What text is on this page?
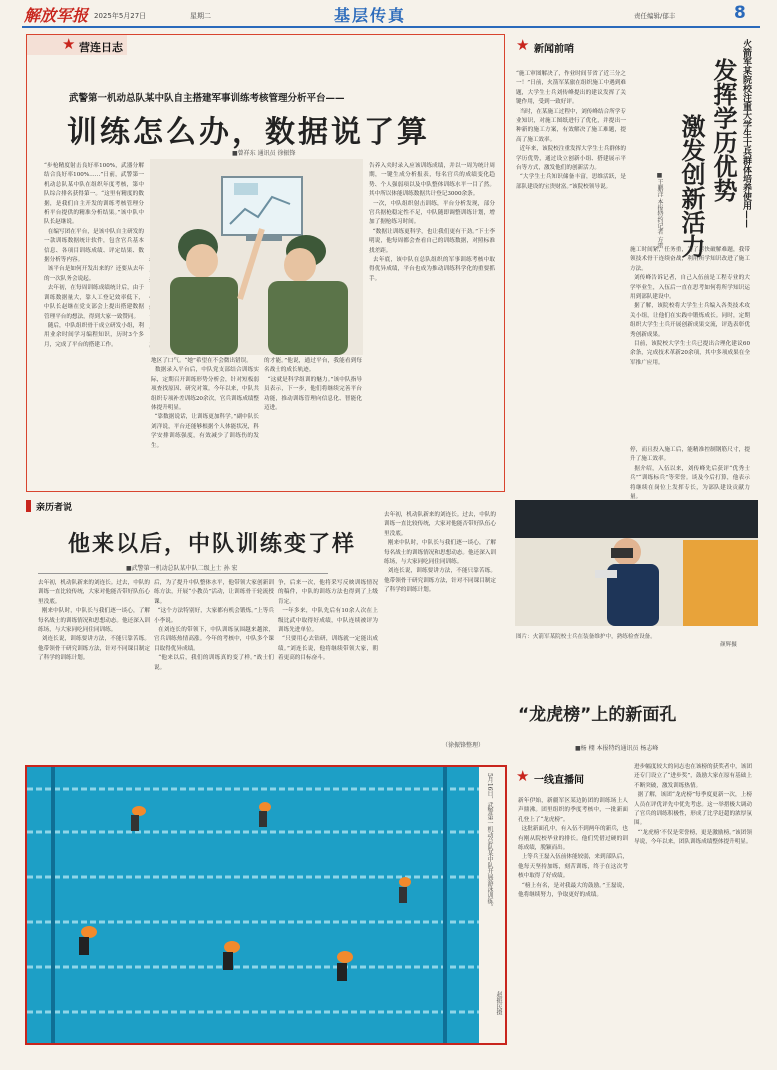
解放军报 2025年5月27日	星期二	基层传真	责任编辑/郁丰	8
★ 营连日志
武警第一机动总队某中队自主搭建军事训练考核管理分析平台——
训练怎么办，数据说了算
■曾祥东 通讯员 徐振锋
“步枪精度射击良好率100%，武器分解结合良好率100%……”日前，武警第一机动总队某中队在组织年度考核，第中队综合排名获得第一。“这里有精度的数据，是我们自主开发的训练考核管理分析平台提供的精准分析结果。”该中队中队长赵继说。
在编写团在平台，是该中队自主研发的一款训练数据统计软件，包含官兵基本信息、各项目训练成绩、评定结果、数据分析等内容。
该平台是如何开发出来的？还要从去年的一次队务会说起。
去年初，在每周训练成绩统计后，由于训练数据量大，靠人工登记效率低下，中队长赵继在党支部会上提出搭建数据管理平台的想法，得到大家一致赞同。
随后，中队组织骨干成立研发小组，利用业余时间学习编程知识，历时3个多月，完成了平台的搭建工作。
地区了口气。“她”希望在不会微出错误。
数据录入平台后，中队党支部结合训练实际，定期召开训练形势分析会，针对短板弱项查找原因、研究对策。今年以来，中队共组织专项补差训练20余次，官兵训练成绩整体提升明显。
“靠数据说话，让训练更加科学。”副中队长刘洋说，平台还能够根据个人体能状况，科学安排训练强度，有效减少了训练伤的发生。
的才能。”他说，通过平台，我能看到每名战士的成长轨迹。
“这就是科学组训的魅力。”该中队指导员表示，下一步，他们将继续完善平台功能，推动训练管理向信息化、智能化迈进。
告养入夹时录入应该训练成绩，并以一周为统计周期，一键生成分析报表，每名官兵的成绩变化趋势、个人强弱项以及中队整体训练水平一目了然。其中所以体能训练数据共计登记3000余条。
一次，中队组织射击训练，平台分析发现，部分官兵据枪稳定性不足，中队随即调整训练计划，增加了据枪练习时间。
“数据让训练更科学，也让我们更有干劲。”下士李明说，他每周都会查看自己的训练数据，对照标准找差距。
去年底，该中队在总队组织的军事训练考核中取得优异成绩，平台也成为推动训练科学化的重要抓手。
亲历者说
他来以后，中队训练变了样
■武警第一机动总队某中队二级上士 孙 宏
去年初，机动队新来的刘连长。过去，中队的训练一直比较传统，大家对他能否带好队伍心里没底。
刚来中队时，中队长与我们逐一谈心，了解每名战士的训练情况和思想动态。他还深入训练场，与大家同吃同住同训练。
刘连长说，训练要讲方法，不能只靠苦练。他带领骨干研究训练方法，针对不同课目制定了科学的训练计划。
后，为了提升中队整体水平，他带领大家创新训练方法，开展“小教员”活动，让训练骨干轮流授课。
“这个方法特别好，大家都有机会锻炼。”上等兵小李说。
在刘连长的带领下，中队训练氛围越来越浓，官兵训练热情高涨。今年的考核中，中队多个课目取得优异成绩。
“他来以后，我们的训练真的变了样。”战士们说。
争，后来一次，他将采写反映训练情况的稿件，中队的训练方法也得到了上级肯定。
一年多来，中队先后有10余人次在上级比武中取得好成绩，中队连续被评为训练先进单位。
“只要用心去钻研，训练就一定能出成绩。”刘连长说，他将继续带领大家，朝着更高的目标奋斗。
去年初，机动队新来的刘连长。过去，中队的训练一直比较传统，大家对他能否带好队伍心里没底。
刚来中队时，中队长与我们逐一谈心，了解每名战士的训练情况和思想动态。他还深入训练场，与大家同吃同住同训练。
刘连长说，训练要讲方法，不能只靠苦练。他带领骨干研究训练方法，针对不同课目制定了科学的训练计划。
（徐振锋整理）
5月16日，武警第一机动总队某中队开展游泳训练。
赵振民摄
★ 新闻前哨	火箭军某院校注重大学生士兵群体培养使用——
发挥学历优势
激发创新活力
■王鹏洋 本报特约记者 方雷
“施工审图解决了，作业时间节省了近三分之一！”日前，火箭军某旅在组织施工中遇到难题，大学生士兵刘传峰提出的建议发挥了关键作用，受到一致好评。
当时，在某施工过程中，刘传峰结合所学专业知识，对施工图纸进行了优化，并提出一种新的施工方案，有效解决了施工难题，提高了施工效率。
近年来，该院校注重发挥大学生士兵群体的学历优势，通过设立创新小组、搭建展示平台等方式，激发他们的创新活力。
“大学生士兵知识储备丰富，思维活跃，是部队建设的宝贵财富。”该院校领导说。
施工时间紧，任务重，为了尽快破解难题，我带领技术骨干连续奋战，利用所学知识改进了施工方法。
刘传峰告诉记者，自己入伍前是工程专业的大学毕业生，入伍后一直在思考如何将所学知识运用到部队建设中。
据了解，该院校将大学生士兵编入各类技术攻关小组，让他们在实践中锻炼成长。同时，定期组织大学生士兵开展创新成果交流，评选表彰优秀创新成果。
目前，该院校大学生士兵已提出合理化建议60余条，完成技术革新20余项，其中多项成果在全军推广应用。
停，而且投入施工后，能精准控制钢筋尺寸，提升了施工效率。
据介绍，入伍以来，刘传峰先后获评“优秀士兵”“训练标兵”等荣誉。谈及今后打算，他表示将继续在岗位上发挥专长，为部队建设贡献力量。
图片：火箭军某院校士兵在装备维护中，熟练检查设备。
颜辉摄
“龙虎榜”上的新面孔
■杨 栩 本报特约通讯员 杨志峰
★ 一线直播间
新年伊始，新疆军区某边防团的训练场上人声鼎沸。团里组织的季度考核中，一批新面孔登上了“龙虎榜”。
这批新面孔中，有入伍不到两年的新兵，也有刚从院校毕业的排长。他们凭借过硬的训练成绩，脱颖而出。
上等兵王磊入伍前体能较弱，来到部队后，他每天坚持加练，刻苦训练，终于在这次考核中取得了好成绩。
“榜上有名，是对我最大的鼓励。”王磊说，他将继续努力，争取更好的成绩。
进步幅度较大的同志也在该榜的获奖者中，该团还专门设立了“进步奖”，鼓励大家在原有基础上不断突破，激发训练热情。
据了解，该团“龙虎榜”每季度更新一次，上榜人员在评优评先中优先考虑。这一举措极大调动了官兵的训练积极性，形成了比学赶超的浓厚氛围。
“‘龙虎榜’不仅是荣誉榜，更是激励榜。”该团领导说，今年以来，团队训练成绩整体提升明显。
